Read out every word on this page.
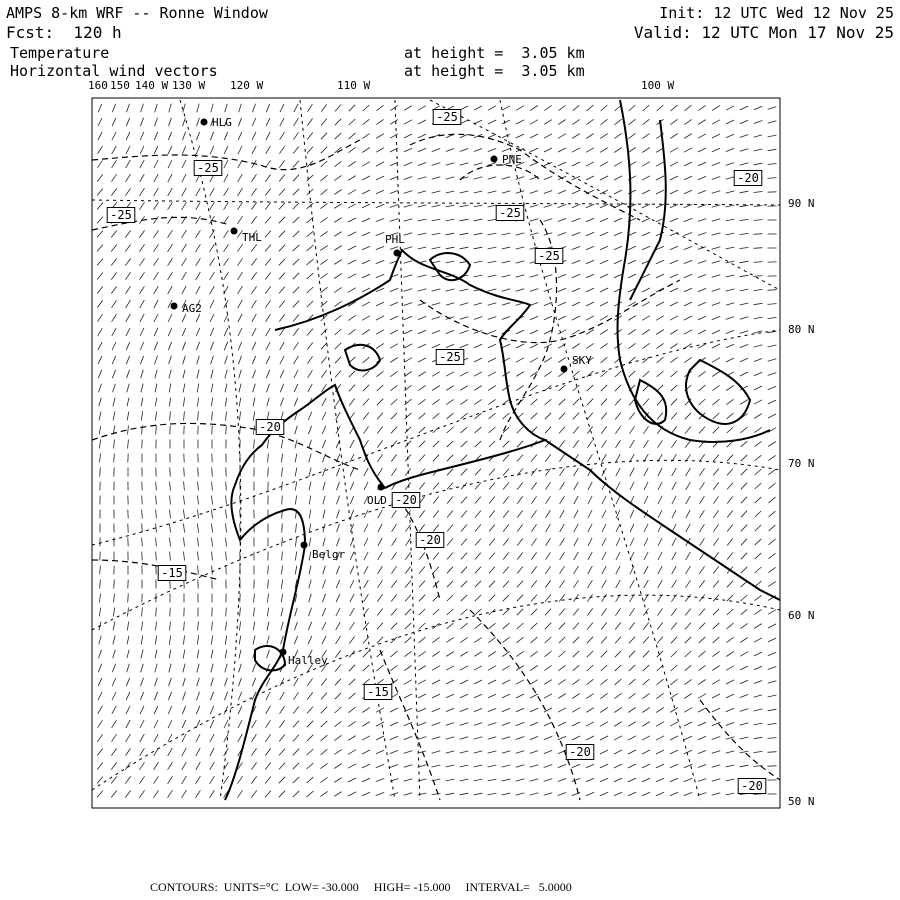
AMPS 8-km WRF -- Ronne Window
Fcst:  120 h
Temperature
Horizontal wind vectors
at height =  3.05 km
at height =  3.05 km
Init: 12 UTC Wed 12 Nov 25
Valid: 12 UTC Mon 17 Nov 25
HLG
PNE
THL	PHL
AG2
SKY
OLD
Belgr
Halley
-25
-25
-25	-25
-25
-20
-25
-20
-20
-20
-15
-15
-20
-20
160 150 140 W 130 W 120 W	110 W	100 W
90 N
80 N
70 N
60 N
50 N
CONTOURS:  UNITS=°C  LOW= -30.000     HIGH= -15.000     INTERVAL=   5.0000
